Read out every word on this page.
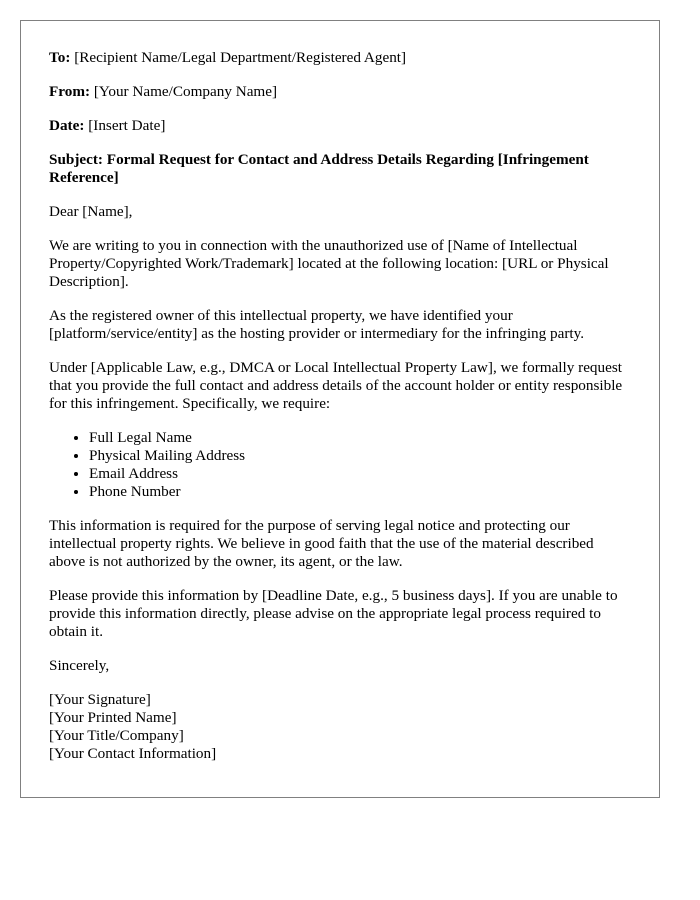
To: [Recipient Name/Legal Department/Registered Agent]

From: [Your Name/Company Name]

Date: [Insert Date]

Subject: Formal Request for Contact and Address Details Regarding [Infringement Reference]

Dear [Name],

We are writing to you in connection with the unauthorized use of [Name of Intellectual Property/Copyrighted Work/Trademark] located at the following location: [URL or Physical Description].

As the registered owner of this intellectual property, we have identified your [platform/service/entity] as the hosting provider or intermediary for the infringing party.

Under [Applicable Law, e.g., DMCA or Local Intellectual Property Law], we formally request that you provide the full contact and address details of the account holder or entity responsible for this infringement. Specifically, we require:

• Full Legal Name
• Physical Mailing Address
• Email Address
• Phone Number

This information is required for the purpose of serving legal notice and protecting our intellectual property rights. We believe in good faith that the use of the material described above is not authorized by the owner, its agent, or the law.

Please provide this information by [Deadline Date, e.g., 5 business days]. If you are unable to provide this information directly, please advise on the appropriate legal process required to obtain it.

Sincerely,

[Your Signature]
[Your Printed Name]
[Your Title/Company]
[Your Contact Information]
